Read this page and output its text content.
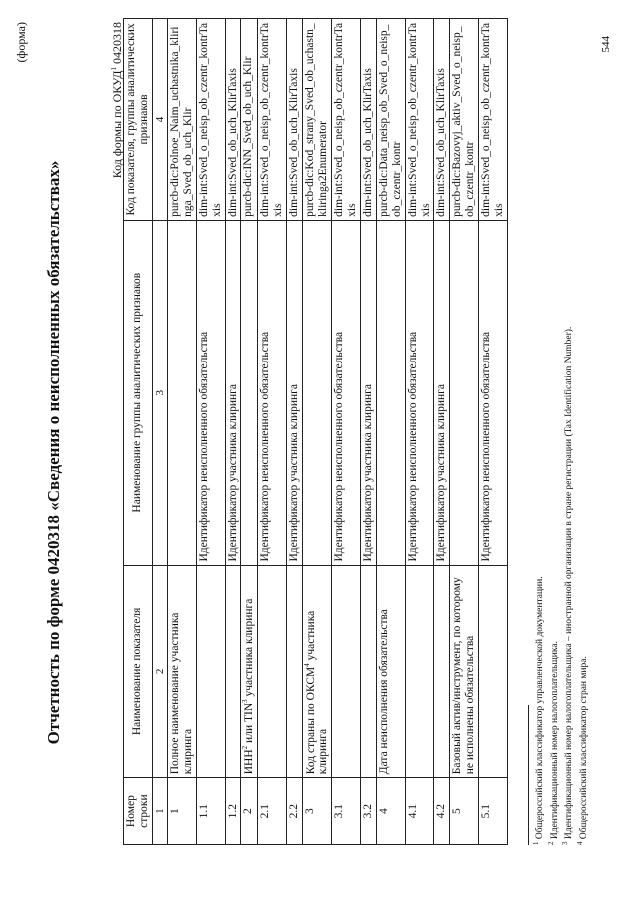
(форма)
Отчетность по форме 0420318 «Сведения о неисполненных обязательствах»
Код формы по ОКУД$^1$ 0420318
Номер строки	Наименование показателя	Наименование группы аналитических признаков	Код показателя, группы аналитических признаков
1	2	3	4
1	Полное наименование участника клиринга		purcb-dic:Polnoe_Naim_uchastnika_kliringa_Sved_ob_uch_Klir
1.1		Идентификатор неисполненного обязательства	dim-int:Sved_o_neisp_ob_czentr_kontrTaxis
1.2		Идентификатор участника клиринга	dim-int:Sved_ob_uch_KlirTaxis
2	ИНН$^2$ или TIN$^3$ участника клиринга		purcb-dic:INN_Sved_ob_uch_Klir
2.1		Идентификатор неисполненного обязательства	dim-int:Sved_o_neisp_ob_czentr_kontrTaxis
2.2		Идентификатор участника клиринга	dim-int:Sved_ob_uch_KlirTaxis
3	Код страны по ОКСМ$^4$ участника клиринга		purcb-dic:Kod_strany_Sved_ob_uchastn_kliringa2Enumerator
3.1		Идентификатор неисполненного обязательства	dim-int:Sved_o_neisp_ob_czentr_kontrTaxis
3.2		Идентификатор участника клиринга	dim-int:Sved_ob_uch_KlirTaxis
4	Дата неисполнения обязательства		purcb-dic:Data_neisp_ob_Sved_o_neisp_ob_czentr_kontr
4.1		Идентификатор неисполненного обязательства	dim-int:Sved_o_neisp_ob_czentr_kontrTaxis
4.2		Идентификатор участника клиринга	dim-int:Sved_ob_uch_KlirTaxis
5	Базовый актив/инструмент, по которому не исполнены обязательства		purcb-dic:Bazovyj_aktiv_Sved_o_neisp_ob_czentr_kontr
5.1		Идентификатор неисполненного обязательства	dim-int:Sved_o_neisp_ob_czentr_kontrTaxis
$^1$ Общероссийский классификатор управленческой документации.
$^2$ Идентификационный номер налогоплательщика.
$^3$ Идентификационный номер налогоплательщика – иностранной организации в стране регистрации (Tax Identification Number).
$^4$ Общероссийский классификатор стран мира.
544
